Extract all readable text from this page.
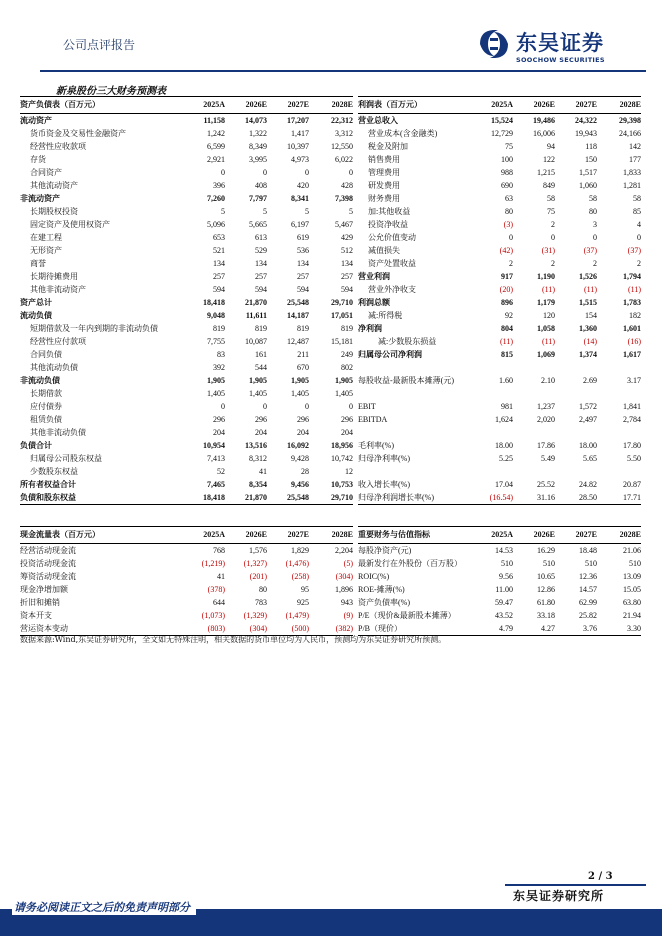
公司点评报告	东吴证券
SOOCHOW SECURITIES
新泉股份三大财务预测表
资产负债表（百万元）	2025A	2026E	2027E	2028E
流动资产	11,158	14,073	17,207	22,312
货币资金及交易性金融资产	1,242	1,322	1,417	3,312
经营性应收款项	6,599	8,349	10,397	12,550
存货	2,921	3,995	4,973	6,022
合同资产	0	0	0	0
其他流动资产	396	408	420	428
非流动资产	7,260	7,797	8,341	7,398
长期股权投资	5	5	5	5
固定资产及使用权资产	5,096	5,665	6,197	5,467
在建工程	653	613	619	429
无形资产	521	529	536	512
商誉	134	134	134	134
长期待摊费用	257	257	257	257
其他非流动资产	594	594	594	594
资产总计	18,418	21,870	25,548	29,710
流动负债	9,048	11,611	14,187	17,051
短期借款及一年内到期的非流动负债	819	819	819	819
经营性应付款项	7,755	10,087	12,487	15,181
合同负债	83	161	211	249
其他流动负债	392	544	670	802
非流动负债	1,905	1,905	1,905	1,905
长期借款	1,405	1,405	1,405	1,405
应付债券	0	0	0	0
租赁负债	296	296	296	296
其他非流动负债	204	204	204	204
负债合计	10,954	13,516	16,092	18,956
归属母公司股东权益	7,413	8,312	9,428	10,742
少数股东权益	52	41	28	12
所有者权益合计	7,465	8,354	9,456	10,753
负债和股东权益	18,418	21,870	25,548	29,710
利润表（百万元）	2025A	2026E	2027E	2028E
营业总收入	15,524	19,486	24,322	29,398
营业成本(含金融类)	12,729	16,006	19,943	24,166
税金及附加	75	94	118	142
销售费用	100	122	150	177
管理费用	988	1,215	1,517	1,833
研发费用	690	849	1,060	1,281
财务费用	63	58	58	58
加:其他收益	80	75	80	85
投资净收益	(3)	2	3	4
公允价值变动	0	0	0	0
减值损失	(42)	(31)	(37)	(37)
资产处置收益	2	2	2	2
营业利润	917	1,190	1,526	1,794
营业外净收支	(20)	(11)	(11)	(11)
利润总额	896	1,179	1,515	1,783
减:所得税	92	120	154	182
净利润	804	1,058	1,360	1,601
减:少数股东损益	(11)	(11)	(14)	(16)
归属母公司净利润	815	1,069	1,374	1,617

每股收益-最新股本摊薄(元)	1.60	2.10	2.69	3.17

EBIT	981	1,237	1,572	1,841
EBITDA	1,624	2,020	2,497	2,784

毛利率(%)	18.00	17.86	18.00	17.80
归母净利率(%)	5.25	5.49	5.65	5.50

收入增长率(%)	17.04	25.52	24.82	20.87
归母净利润增长率(%)	(16.54)	31.16	28.50	17.71
现金流量表（百万元）	2025A	2026E	2027E	2028E
经营活动现金流	768	1,576	1,829	2,204
投资活动现金流	(1,219)	(1,327)	(1,476)	(5)
筹资活动现金流	41	(201)	(258)	(304)
现金净增加额	(378)	80	95	1,896
折旧和摊销	644	783	925	943
资本开支	(1,073)	(1,329)	(1,479)	(9)
营运资本变动	(803)	(304)	(500)	(382)
重要财务与估值指标	2025A	2026E	2027E	2028E
每股净资产(元)	14.53	16.29	18.48	21.06
最新发行在外股份（百万股）	510	510	510	510
ROIC(%)	9.56	10.65	12.36	13.09
ROE-摊薄(%)	11.00	12.86	14.57	15.05
资产负债率(%)	59.47	61.80	62.99	63.80
P/E（现价&最新股本摊薄）	43.52	33.18	25.82	21.94
P/B（现价）	4.79	4.27	3.76	3.30
数据来源:Wind,东吴证券研究所，全文如无特殊注明，相关数据的货币单位均为人民币，预测均为东吴证券研究所预测。
2 / 3
东吴证券研究所
请务必阅读正文之后的免责声明部分
